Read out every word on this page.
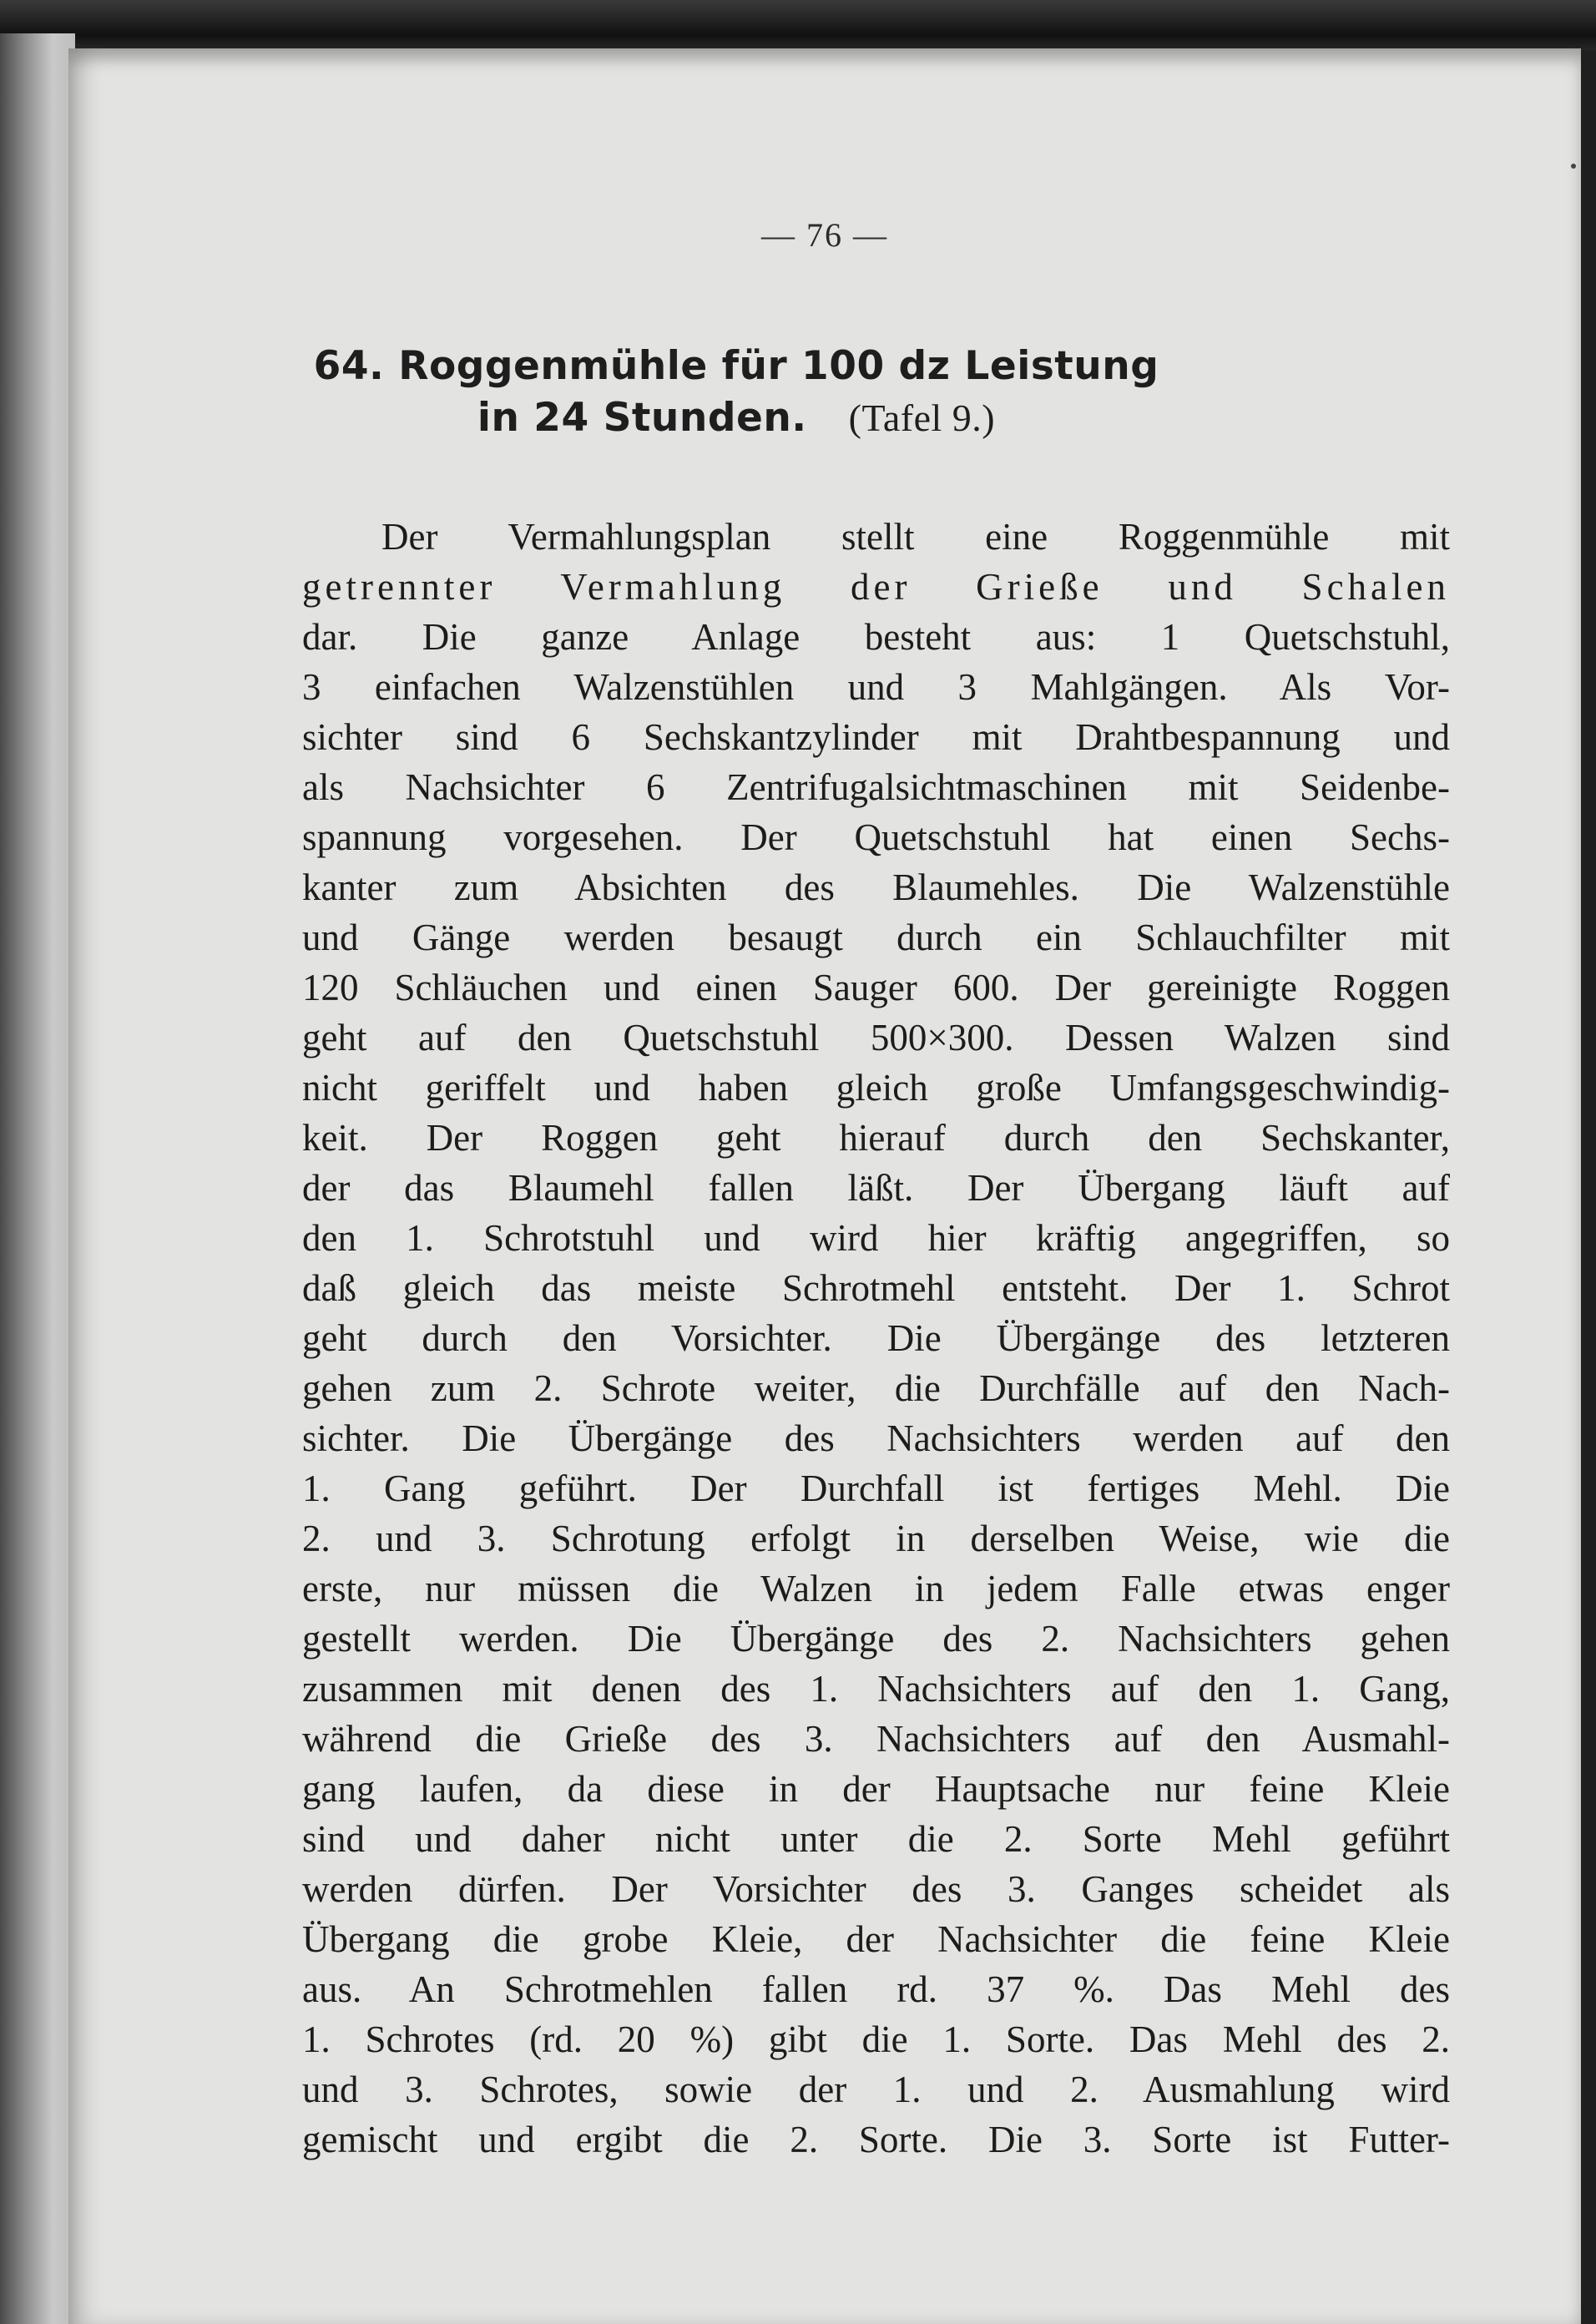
— 76 —
64. Roggenmühle für 100 dz Leistung
in 24 Stunden. (Tafel 9.)
Der Vermahlungsplan stellt eine Roggenmühle mit
getrennter Vermahlung der Grieße und Schalen
dar. Die ganze Anlage besteht aus: 1 Quetschstuhl,
3 einfachen Walzenstühlen und 3 Mahlgängen. Als Vor-
sichter sind 6 Sechskantzylinder mit Drahtbespannung und
als Nachsichter 6 Zentrifugalsichtmaschinen mit Seidenbe-
spannung vorgesehen. Der Quetschstuhl hat einen Sechs-
kanter zum Absichten des Blaumehles. Die Walzenstühle
und Gänge werden besaugt durch ein Schlauchfilter mit
120 Schläuchen und einen Sauger 600. Der gereinigte Roggen
geht auf den Quetschstuhl 500×300. Dessen Walzen sind
nicht geriffelt und haben gleich große Umfangsgeschwindig-
keit. Der Roggen geht hierauf durch den Sechskanter,
der das Blaumehl fallen läßt. Der Übergang läuft auf
den 1. Schrotstuhl und wird hier kräftig angegriffen, so
daß gleich das meiste Schrotmehl entsteht. Der 1. Schrot
geht durch den Vorsichter. Die Übergänge des letzteren
gehen zum 2. Schrote weiter, die Durchfälle auf den Nach-
sichter. Die Übergänge des Nachsichters werden auf den
1. Gang geführt. Der Durchfall ist fertiges Mehl. Die
2. und 3. Schrotung erfolgt in derselben Weise, wie die
erste, nur müssen die Walzen in jedem Falle etwas enger
gestellt werden. Die Übergänge des 2. Nachsichters gehen
zusammen mit denen des 1. Nachsichters auf den 1. Gang,
während die Grieße des 3. Nachsichters auf den Ausmahl-
gang laufen, da diese in der Hauptsache nur feine Kleie
sind und daher nicht unter die 2. Sorte Mehl geführt
werden dürfen. Der Vorsichter des 3. Ganges scheidet als
Übergang die grobe Kleie, der Nachsichter die feine Kleie
aus. An Schrotmehlen fallen rd. 37 %. Das Mehl des
1. Schrotes (rd. 20 %) gibt die 1. Sorte. Das Mehl des 2.
und 3. Schrotes, sowie der 1. und 2. Ausmahlung wird
gemischt und ergibt die 2. Sorte. Die 3. Sorte ist Futter-
